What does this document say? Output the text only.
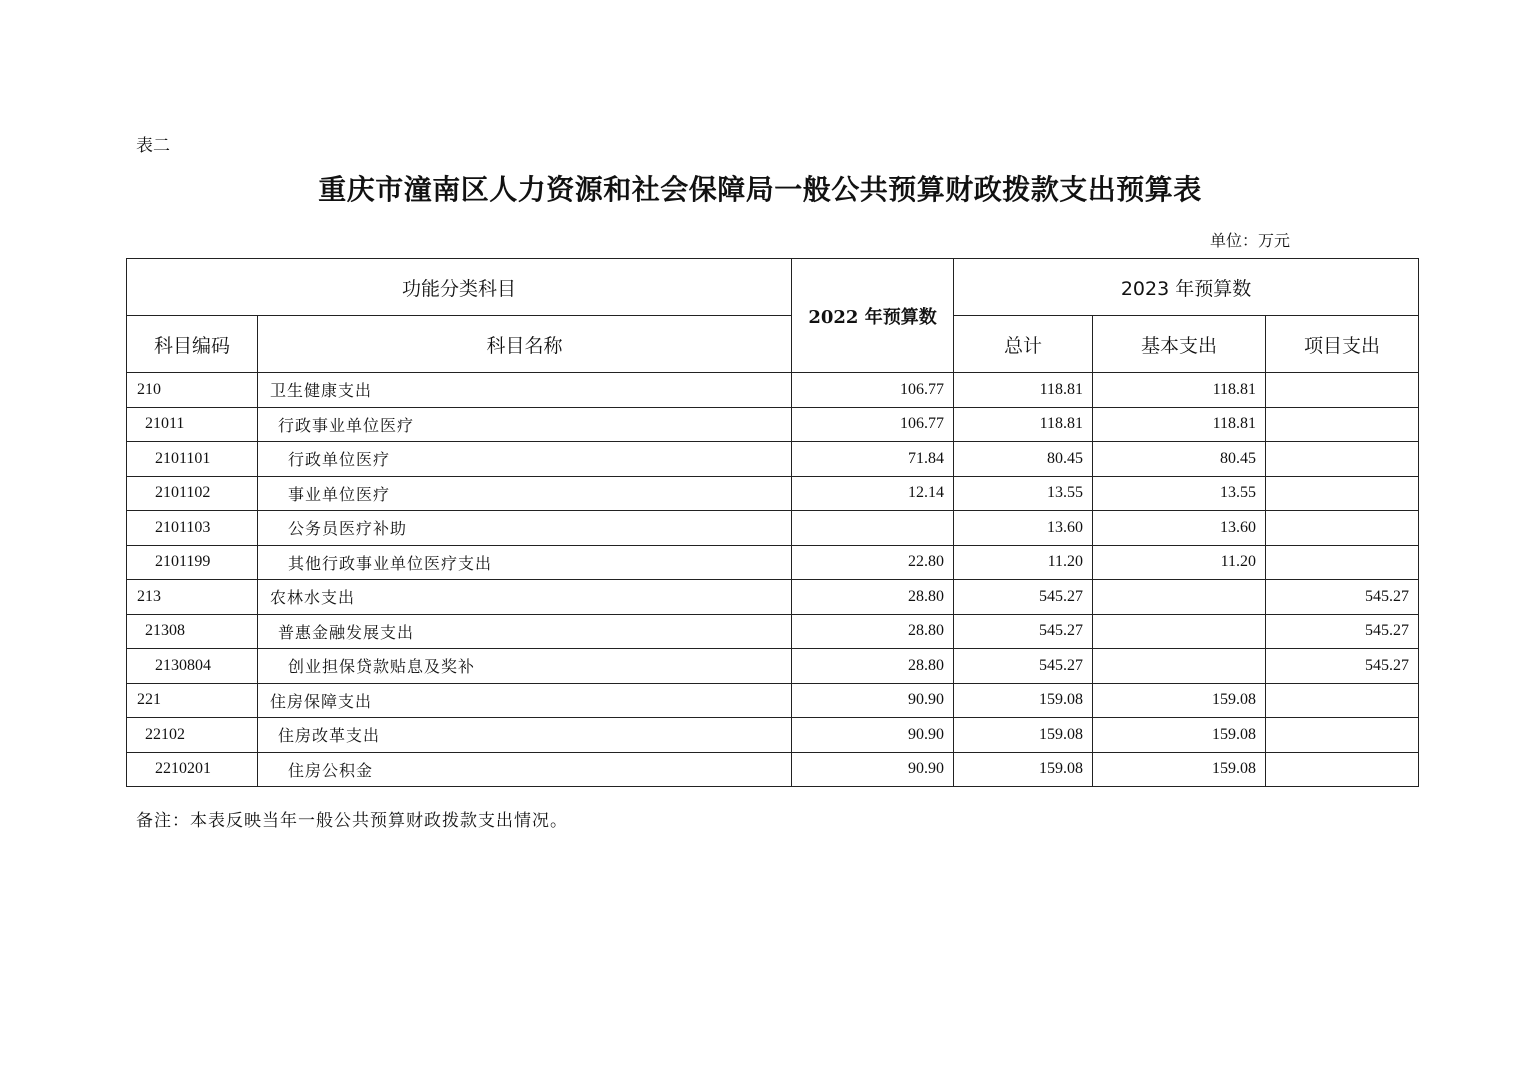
表二
重庆市潼南区人力资源和社会保障局一般公共预算财政拨款支出预算表
单位：万元
功能分类科目		2022 年预算数	2023 年预算数		
科目编码	科目名称		总计	基本支出	项目支出
210	卫生健康支出	106.77	118.81	118.81	
21011	行政事业单位医疗	106.77	118.81	118.81	
2101101	行政单位医疗	71.84	80.45	80.45	
2101102	事业单位医疗	12.14	13.55	13.55	
2101103	公务员医疗补助		13.60	13.60	
2101199	其他行政事业单位医疗支出	22.80	11.20	11.20	
213	农林水支出	28.80	545.27		545.27
21308	普惠金融发展支出	28.80	545.27		545.27
2130804	创业担保贷款贴息及奖补	28.80	545.27		545.27
221	住房保障支出	90.90	159.08	159.08	
22102	住房改革支出	90.90	159.08	159.08	
2210201	住房公积金	90.90	159.08	159.08	
备注：本表反映当年一般公共预算财政拨款支出情况。
